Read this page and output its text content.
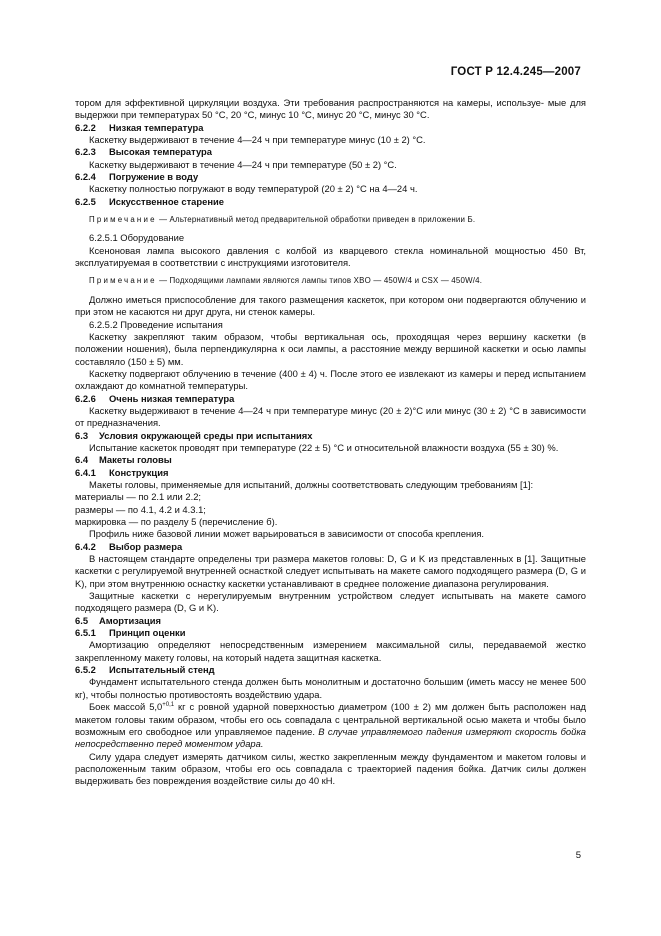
ГОСТ Р 12.4.245—2007

тором для эффективной циркуляции воздуха. Эти требования распространяются на камеры, используе- мые для выдержки при температурах 50 °C, 20 °C, минус 10 °C, минус 20 °C, минус 30 °C.

6.2.2 Низкая температура

Каскетку выдерживают в течение 4—24 ч при температуре минус (10 ± 2) °C.

6.2.3 Высокая температура

Каскетку выдерживают в течение 4—24 ч при температуре (50 ± 2) °C.

6.2.4 Погружение в воду

Каскетку полностью погружают в воду температурой (20 ± 2) °C на 4—24 ч.

6.2.5 Искусственное старение

Примечание — Альтернативный метод предварительной обработки приведен в приложении Б.

6.2.5.1 Оборудование

Ксеноновая лампа высокого давления с колбой из кварцевого стекла номинальной мощностью 450 Вт, эксплуатируемая в соответствии с инструкциями изготовителя.

Примечание — Подходящими лампами являются лампы типов XBO — 450W/4 и CSX — 450W/4.

Должно иметься приспособление для такого размещения каскеток, при котором они подвергаются облучению и при этом не касаются ни друг друга, ни стенок камеры.

6.2.5.2 Проведение испытания

Каскетку закрепляют таким образом, чтобы вертикальная ось, проходящая через вершину каскетки (в положении ношения), была перпендикулярна к оси лампы, а расстояние между вершиной каскетки и осью лампы составляло (150 ± 5) мм.

Каскетку подвергают облучению в течение (400 ± 4) ч. После этого ее извлекают из камеры и перед испытанием охлаждают до комнатной температуры.

6.2.6 Очень низкая температура

Каскетку выдерживают в течение 4—24 ч при температуре минус (20 ± 2)°C или минус (30 ± 2) °C в зависимости от предназначения.

6.3 Условия окружающей среды при испытаниях

Испытание каскеток проводят при температуре (22 ± 5) °C и относительной влажности воздуха (55 ± 30) %.

6.4 Макеты головы

6.4.1 Конструкция

Макеты головы, применяемые для испытаний, должны соответствовать следующим требованиям [1]:

материалы — по 2.1 или 2.2;

размеры — по 4.1, 4.2 и 4.3.1;

маркировка — по разделу 5 (перечисление б).

Профиль ниже базовой линии может варьироваться в зависимости от способа крепления.

6.4.2 Выбор размера

В настоящем стандарте определены три размера макетов головы: D, G и K из представленных в [1]. Защитные каскетки с регулируемой внутренней оснасткой следует испытывать на макете самого подходящего размера (D, G и K), при этом внутреннюю оснастку каскетки устанавливают в среднее положение диапазона регулирования.

Защитные каскетки с нерегулируемым внутренним устройством следует испытывать на макете самого подходящего размера (D, G и K).

6.5 Амортизация

6.5.1 Принцип оценки

Амортизацию определяют непосредственным измерением максимальной силы, передаваемой жестко закрепленному макету головы, на который надета защитная каскетка.

6.5.2 Испытательный стенд

Фундамент испытательного стенда должен быть монолитным и достаточно большим (иметь массу не менее 500 кг), чтобы полностью противостоять воздействию удара.

Боек массой $5,0^{+0,1}$ кг с ровной ударной поверхностью диаметром (100 ± 2) мм должен быть расположен над макетом головы таким образом, чтобы его ось совпадала с центральной вертикальной осью макета и чтобы было возможным его свободное или управляемое падение. В случае управляемого падения измеряют скорость бойка непосредственно перед моментом удара.

Силу удара следует измерять датчиком силы, жестко закрепленным между фундаментом и макетом головы и расположенным таким образом, чтобы его ось совпадала с траекторией падения бойка. Датчик силы должен выдерживать без повреждения воздействие силы до 40 кН.

5
